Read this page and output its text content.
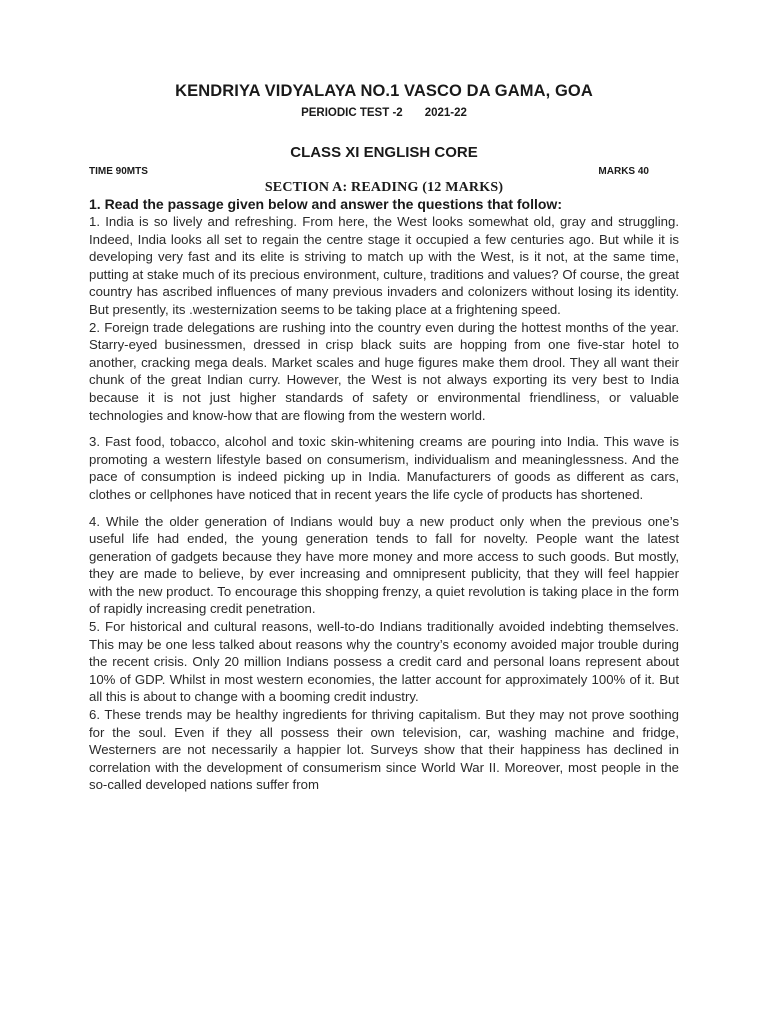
KENDRIYA VIDYALAYA NO.1 VASCO DA GAMA, GOA
PERIODIC TEST -2 2021-22
CLASS XI ENGLISH CORE
TIME 90MTS	MARKS 40
SECTION A: READING (12 MARKS)
1. Read the passage given below and answer the questions that follow:

1. India is so lively and refreshing. From here, the West looks somewhat old, gray and struggling. Indeed, India looks all set to regain the centre stage it occupied a few centuries ago. But while it is developing very fast and its elite is striving to match up with the West, is it not, at the same time, putting at stake much of its precious environment, culture, traditions and values? Of course, the great country has ascribed influences of many previous invaders and colonizers without losing its identity. But presently, its .westernization seems to be taking place at a frightening speed.

2. Foreign trade delegations are rushing into the country even during the hottest months of the year. Starry-eyed businessmen, dressed in crisp black suits are hopping from one five-star hotel to another, cracking mega deals. Market scales and huge figures make them drool. They all want their chunk of the great Indian curry. However, the West is not always exporting its very best to India because it is not just higher standards of safety or environmental friendliness, or valuable technologies and know-how that are flowing from the western world.

3. Fast food, tobacco, alcohol and toxic skin-whitening creams are pouring into India. This wave is promoting a western lifestyle based on consumerism, individualism and meaninglessness. And the pace of consumption is indeed picking up in India. Manufacturers of goods as different as cars, clothes or cellphones have noticed that in recent years the life cycle of products has shortened.

4. While the older generation of Indians would buy a new product only when the previous one’s useful life had ended, the young generation tends to fall for novelty. People want the latest generation of gadgets because they have more money and more access to such goods. But mostly, they are made to believe, by ever increasing and omnipresent publicity, that they will feel happier with the new product. To encourage this shopping frenzy, a quiet revolution is taking place in the form of rapidly increasing credit penetration.

5. For historical and cultural reasons, well-to-do Indians traditionally avoided indebting themselves. This may be one less talked about reasons why the country’s economy avoided major trouble during the recent crisis. Only 20 million Indians possess a credit card and personal loans represent about 10% of GDP. Whilst in most western economies, the latter account for approximately 100% of it. But all this is about to change with a booming credit industry.

6. These trends may be healthy ingredients for thriving capitalism. But they may not prove soothing for the soul. Even if they all possess their own television, car, washing machine and fridge, Westerners are not necessarily a happier lot. Surveys show that their happiness has declined in correlation with the development of consumerism since World War II. Moreover, most people in the so-called developed nations suffer from
